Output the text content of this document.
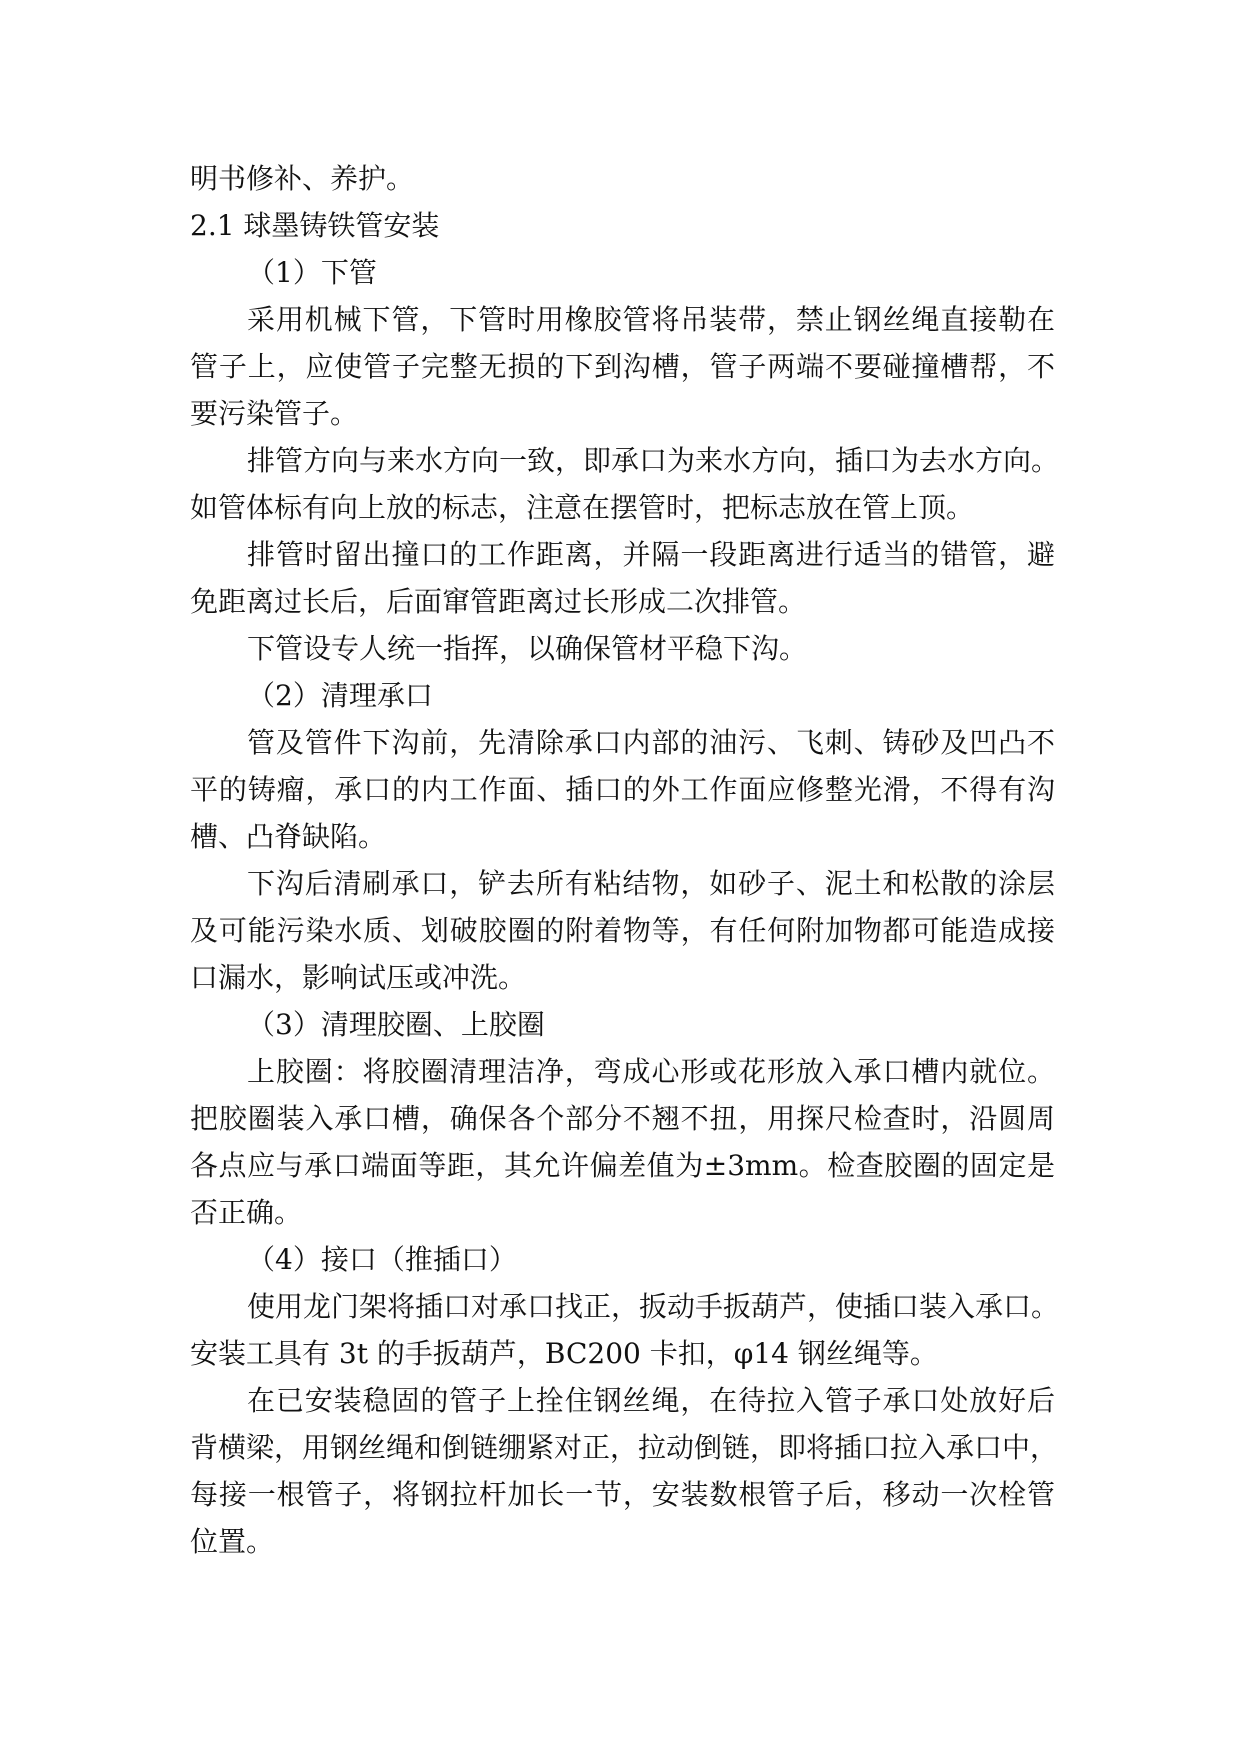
明书修补、养护。
2.1 球墨铸铁管安装
（1）下管
采用机械下管，下管时用橡胶管将吊装带，禁止钢丝绳直接勒在
管子上，应使管子完整无损的下到沟槽，管子两端不要碰撞槽帮，不
要污染管子。
排管方向与来水方向一致，即承口为来水方向，插口为去水方向。
如管体标有向上放的标志，注意在摆管时，把标志放在管上顶。
排管时留出撞口的工作距离，并隔一段距离进行适当的错管，避
免距离过长后，后面窜管距离过长形成二次排管。
下管设专人统一指挥，以确保管材平稳下沟。
（2）清理承口
管及管件下沟前，先清除承口内部的油污、飞刺、铸砂及凹凸不
平的铸瘤，承口的内工作面、插口的外工作面应修整光滑，不得有沟
槽、凸脊缺陷。
下沟后清刷承口，铲去所有粘结物，如砂子、泥土和松散的涂层
及可能污染水质、划破胶圈的附着物等，有任何附加物都可能造成接
口漏水，影响试压或冲洗。
（3）清理胶圈、上胶圈
上胶圈：将胶圈清理洁净，弯成心形或花形放入承口槽内就位。
把胶圈装入承口槽，确保各个部分不翘不扭，用探尺检查时，沿圆周
各点应与承口端面等距，其允许偏差值为±3mm。检查胶圈的固定是
否正确。
（4）接口（推插口）
使用龙门架将插口对承口找正，扳动手扳葫芦，使插口装入承口。
安装工具有 3t 的手扳葫芦，BC200 卡扣，φ14 钢丝绳等。
在已安装稳固的管子上拴住钢丝绳，在待拉入管子承口处放好后
背横梁，用钢丝绳和倒链绷紧对正，拉动倒链，即将插口拉入承口中，
每接一根管子，将钢拉杆加长一节，安装数根管子后，移动一次栓管
位置。
